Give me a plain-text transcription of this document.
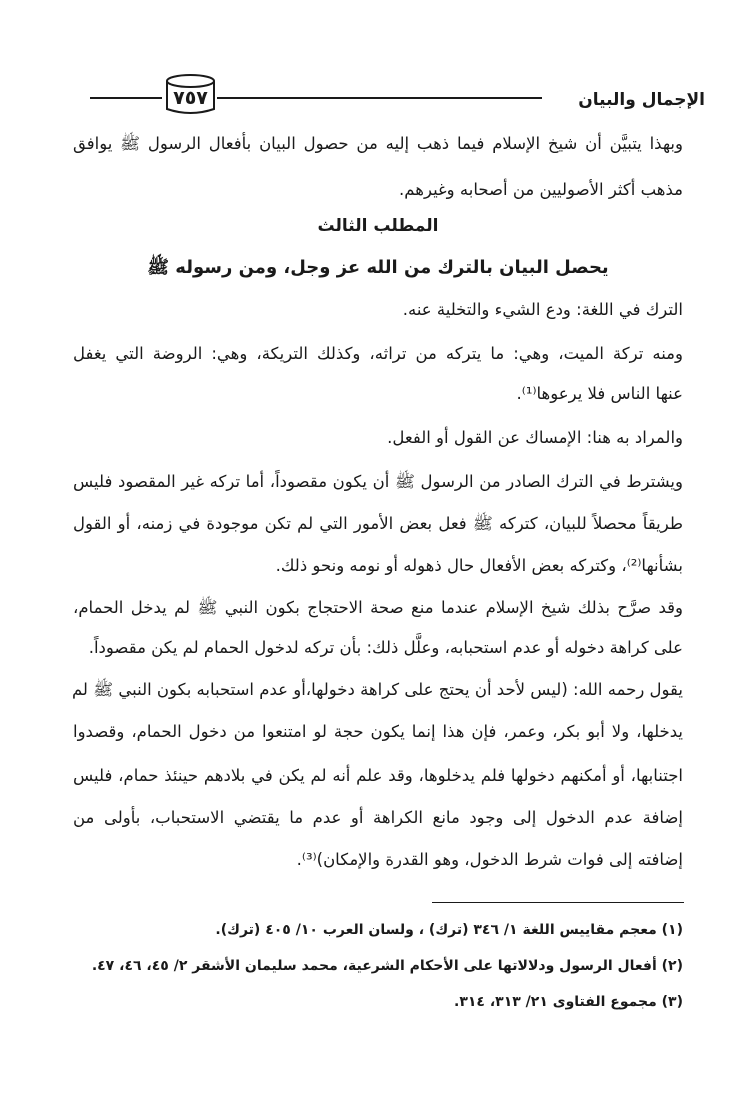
الإجمال والبيان
٧٥٧
وبهذا يتبيَّن أن شيخ الإسلام فيما ذهب إليه من حصول البيان بأفعال الرسول ﷺ يوافق
مذهب أكثر الأصوليين من أصحابه وغيرهم.
المطلب الثالث
يحصل البيان بالترك من الله عز وجل، ومن رسوله ﷺ
الترك في اللغة: ودع الشيء والتخلية عنه.
ومنه تركة الميت، وهي: ما يتركه من تراثه، وكذلك التريكة، وهي: الروضة التي يغفل
عنها الناس فلا يرعوها⁽¹⁾.
والمراد به هنا: الإمساك عن القول أو الفعل.
ويشترط في الترك الصادر من الرسول ﷺ أن يكون مقصوداً، أما تركه غير المقصود فليس
طريقاً محصلاً للبيان، كتركه ﷺ فعل بعض الأمور التي لم تكن موجودة في زمنه، أو القول
بشأنها⁽²⁾، وكتركه بعض الأفعال حال ذهوله أو نومه ونحو ذلك.
وقد صرَّح بذلك شيخ الإسلام عندما منع صحة الاحتجاج بكون النبي ﷺ لم يدخل الحمام،
على كراهة دخوله أو عدم استحبابه، وعلَّل ذلك: بأن تركه لدخول الحمام لم يكن مقصوداً.
يقول رحمه الله: (ليس لأحد أن يحتج على كراهة دخولها،أو عدم استحبابه بكون النبي ﷺ لم
يدخلها، ولا أبو بكر، وعمر، فإن هذا إنما يكون حجة لو امتنعوا من دخول الحمام، وقصدوا
اجتنابها، أو أمكنهم دخولها فلم يدخلوها، وقد علم أنه لم يكن في بلادهم حينئذ حمام، فليس
إضافة عدم الدخول إلى وجود مانع الكراهة أو عدم ما يقتضي الاستحباب، بأولى من
إضافته إلى فوات شرط الدخول، وهو القدرة والإمكان)⁽³⁾.
(١) معجم مقاييس اللغة ١/ ٣٤٦ (ترك) ، ولسان العرب ١٠/ ٤٠٥ (ترك).
(٢) أفعال الرسول ودلالاتها على الأحكام الشرعية، محمد سليمان الأشقر ٢/ ٤٥، ٤٦، ٤٧.
(٣) مجموع الفتاوى ٢١/ ٣١٣، ٣١٤.
